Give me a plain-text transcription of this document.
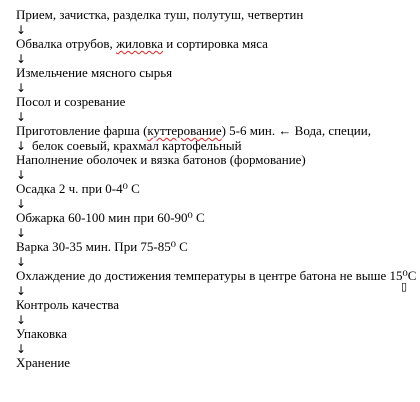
Прием, зачистка, разделка туш, полутуш, четвертин
↓
Обвалка отрубов, жиловка и сортировка мяса
↓
Измельчение мясного сырья
↓
Посол и созревание
↓
Приготовление фарша (куттерование) 5-6 мин. ← Вода, специи,
↓ белок соевый, крахмал картофельный
Наполнение оболочек и вязка батонов (формование)
↓
Осадка 2 ч. при 0-4⁰ С
↓
Обжарка 60-100 мин при 60-90⁰ С
↓
Варка 30-35 мин. При 75-85⁰ С
↓
Охлаждение до достижения температуры в центре батона не выше 15⁰С
↓
Контроль качества
↓
Упаковка
↓
Хранение
▯
